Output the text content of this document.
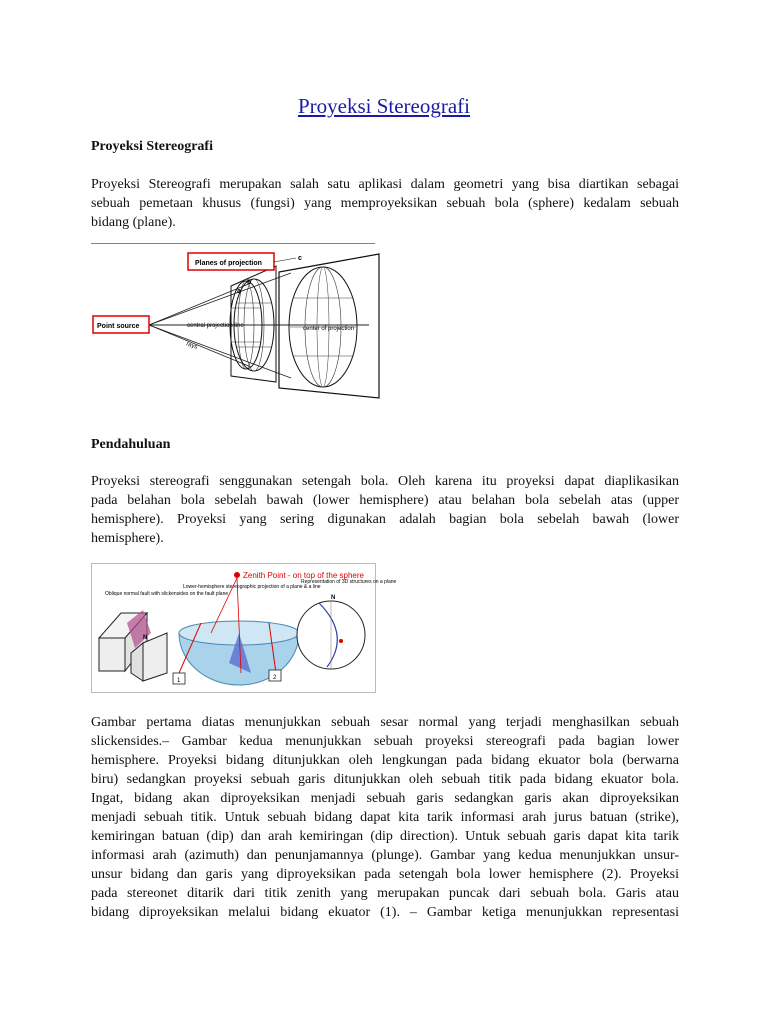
Proyeksi Stereografi
Proyeksi Stereografi
Proyeksi Stereografi merupakan salah satu aplikasi dalam geometri yang bisa diartikan sebagai
sebuah pemetaan khusus (fungsi) yang memproyeksikan sebuah bola (sphere) kedalam sebuah
bidang (plane).
Planes of projection
Point source	central projection line	center of projection
rays
a
b
c
Pendahuluan
Proyeksi stereografi senggunakan setengah bola. Oleh karena itu proyeksi dapat diaplikasikan
pada belahan bola sebelah bawah (lower hemisphere) atau belahan bola sebelah atas (upper
hemisphere). Proyeksi yang sering digunakan adalah bagian bola sebelah bawah (lower
hemisphere).
Zenith Point - on top of the sphere
N
Oblique normal fault with slickensides on the fault plane
Lower-hemisphere stereographic projection of a plane & a line
1	2
N
Representation of 3D structures on a plane
Gambar pertama diatas menunjukkan sebuah sesar normal yang terjadi menghasilkan sebuah
slickensides.– Gambar kedua menunjukkan sebuah proyeksi stereografi pada bagian lower
hemisphere. Proyeksi bidang ditunjukkan oleh lengkungan pada bidang ekuator bola (berwarna
biru) sedangkan proyeksi sebuah garis ditunjukkan oleh sebuah titik pada bidang ekuator bola.
Ingat, bidang akan diproyeksikan menjadi sebuah garis sedangkan garis akan diproyeksikan
menjadi sebuah titik. Untuk sebuah bidang dapat kita tarik informasi arah jurus batuan (strike),
kemiringan batuan (dip) dan arah kemiringan (dip direction). Untuk sebuah garis dapat kita tarik
informasi arah (azimuth) dan penunjamannya (plunge). Gambar yang kedua menunjukkan unsur-
unsur bidang dan garis yang diproyeksikan pada setengah bola lower hemisphere (2). Proyeksi
pada stereonet ditarik dari titik zenith yang merupakan puncak dari sebuah bola. Garis atau
bidang diproyeksikan melalui bidang ekuator (1). – Gambar ketiga menunjukkan representasi
